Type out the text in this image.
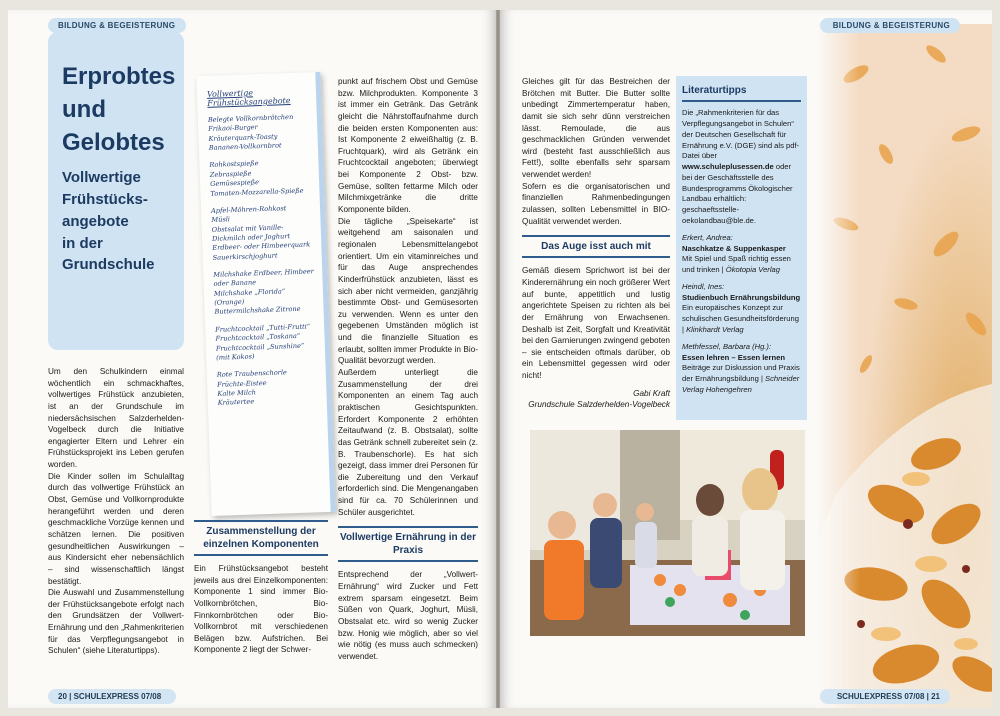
BILDUNG & BEGEISTERUNG
Erprobtes
und
Gelobtes
Vollwertige
Frühstücks-
angebote
in der
Grundschule

Um den Schulkindern einmal wöchentlich ein schmackhaftes, vollwertiges Frühstück anzubieten, ist an der Grundschule im niedersächsischen Salzderhelden-Vogelbeck durch die Initiative engagierter Eltern und Lehrer ein Frühstücksprojekt ins Leben gerufen worden.

Die Kinder sollen im Schulalltag durch das vollwertige Frühstück an Obst, Gemüse und Vollkornprodukte herangeführt werden und deren geschmackliche Vorzüge kennen und schätzen lernen. Die positiven gesundheitlichen Auswirkungen – aus Kindersicht eher nebensächlich – sind wissenschaftlich längst bestätigt.

Die Auswahl und Zusammenstellung der Frühstücksangebote erfolgt nach den Grundsätzen der Vollwert-Ernährung und den „Rahmenkriterien für das Verpflegungsangebot in Schulen“ (siehe Literaturtipps).

Vollwertige Frühstücksangebote
Belegte Vollkornbrötchen
Frikaoi-Burger
Kräuterquark-Toasty
Bananen-Vollkornbrot
Rohkostspieße
Zebraspieße
Gemüsespieße
Tomaten-Mozzarella-Spieße
Apfel-Möhren-Rohkost
Müsli
Obstsalat mit Vanille-Dickmilch oder Joghurt
Erdbeer- oder Himbeerquark
Sauerkirschjoghurt
Milchshake Erdbeer, Himbeer oder Banane
Milchshake „Florida“ (Orange)
Buttermilchshake Zitrone
Fruchtcocktail „Tutti-Frutti“
Fruchtcocktail „Toskana“
Fruchtcocktail „Sunshine“ (mit Kokos)
Rote Traubenschorle
Früchte-Eistee
Kalte Milch
Kräutertee
Zusammenstellung der einzelnen Komponenten

Ein Frühstücksangebot besteht jeweils aus drei Einzelkomponenten: Komponente 1 sind immer Bio-Vollkornbrötchen, Bio-Finnkornbrötchen oder Bio-Vollkornbrot mit verschiedenen Belägen bzw. Aufstrichen. Bei Komponente 2 liegt der Schwer-

punkt auf frischem Obst und Gemüse bzw. Milchprodukten. Komponente 3 ist immer ein Getränk. Das Getränk gleicht die Nährstoffaufnahme durch die beiden ersten Komponenten aus: Ist Komponente 2 eiweißhaltig (z. B. Fruchtquark), wird als Getränk ein Fruchtcocktail angeboten; überwiegt bei Komponente 2 Obst- bzw. Gemüse, sollten fettarme Milch oder Milchmixgetränke die dritte Komponente bilden.

Die tägliche „Speisekarte“ ist weitgehend am saisonalen und regionalen Lebensmittelangebot orientiert. Um ein vitaminreiches und für das Auge ansprechendes Kinderfrühstück anzubieten, lässt es sich aber nicht vermeiden, ganzjährig bestimmte Obst- und Gemüsesorten zu verwenden. Wenn es unter den gegebenen Umständen möglich ist und die finanzielle Situation es erlaubt, sollten immer Produkte in Bio-Qualität bevorzugt werden.

Außerdem unterliegt die Zusammenstellung der drei Komponenten an einem Tag auch praktischen Gesichtspunkten. Erfordert Komponente 2 erhöhten Zeitaufwand (z. B. Obstsalat), sollte das Getränk schnell zubereitet sein (z. B. Traubenschorle). Es hat sich gezeigt, dass immer drei Personen für die Zubereitung und den Verkauf erforderlich sind. Die Mengenangaben sind für ca. 70 Schülerinnen und Schüler ausgerichtet.

Vollwertige Ernährung in der Praxis

Entsprechend der „Vollwert-Ernährung“ wird Zucker und Fett extrem sparsam eingesetzt. Beim Süßen von Quark, Joghurt, Müsli, Obstsalat etc. wird so wenig Zucker bzw. Honig wie möglich, aber so viel wie nötig (es muss auch schmecken) verwendet.

20 | SCHULEXPRESS 07/08
BILDUNG & BEGEISTERUNG

Gleiches gilt für das Bestreichen der Brötchen mit Butter. Die Butter sollte unbedingt Zimmertemperatur haben, damit sie sich sehr dünn verstreichen lässt. Remoulade, die aus geschmacklichen Gründen verwendet wird (besteht fast ausschließlich aus Fett!), sollte ebenfalls sehr sparsam verwendet werden!

Sofern es die organisatorischen und finanziellen Rahmenbedingungen zulassen, sollten Lebensmittel in BIO-Qualität verwendet werden.

Das Auge isst auch mit

Gemäß diesem Sprichwort ist bei der Kinderernährung ein noch größerer Wert auf bunte, appetitlich und lustig angerichtete Speisen zu richten als bei der Ernährung von Erwachsenen. Deshalb ist Zeit, Sorgfalt und Kreativität bei den Garnierungen zwingend geboten – sie entscheiden oftmals darüber, ob ein Lebensmittel gegessen wird oder nicht!

Gabi Kraft
Grundschule Salzderhelden-Vogelbeck
Literaturtipps
Die „Rahmenkriterien für das Verpflegungsangebot in Schulen“ der Deutschen Gesellschaft für Ernährung e.V. (DGE) sind als pdf-Datei über www.schuleplusessen.de oder bei der Geschäftsstelle des Bundesprogramms Ökologischer Landbau erhältlich: geschaeftsstelle-oekolandbau@ble.de.
Erkert, Andrea:
Naschkatze & Suppenkasper
Mit Spiel und Spaß richtig essen und trinken | Ökotopia Verlag
Heindl, Ines:
Studienbuch Ernährungsbildung
Ein europäisches Konzept zur schulischen Gesundheitsförderung | Klinkhardt Verlag
Methfessel, Barbara (Hg.):
Essen lehren – Essen lernen
Beiträge zur Diskussion und Praxis der Ernährungsbildung | Schneider Verlag Hohengehren
SCHULEXPRESS 07/08 | 21
